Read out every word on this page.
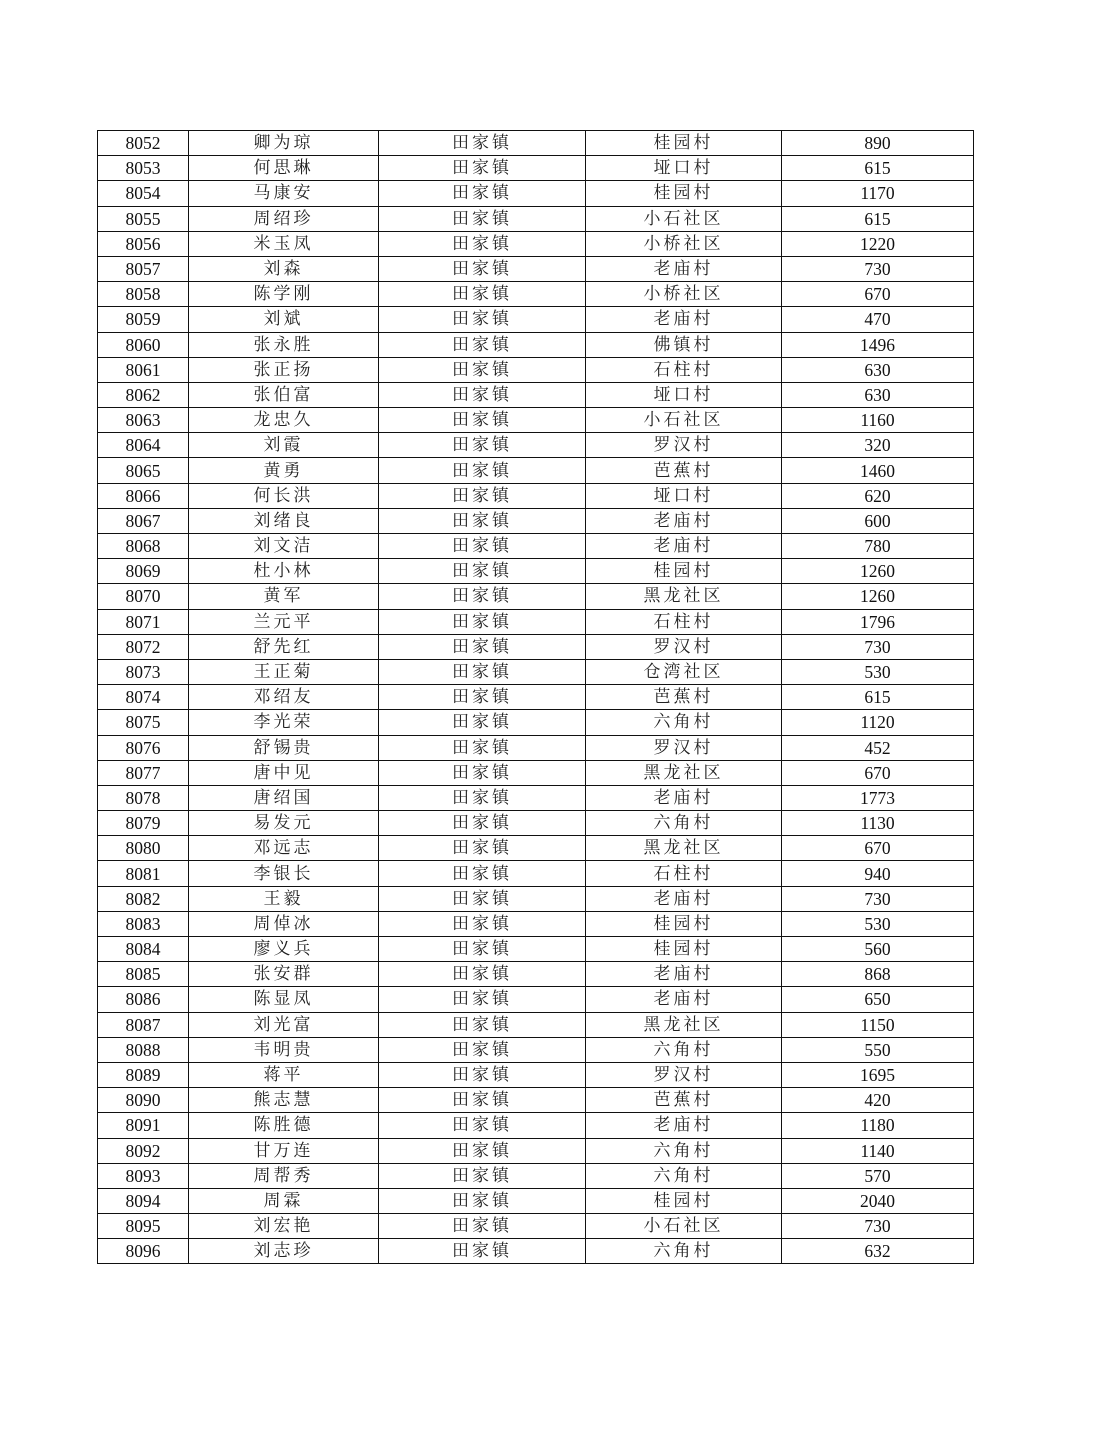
8052	卿为琼	田家镇	桂园村	890
8053	何思琳	田家镇	垭口村	615
8054	马康安	田家镇	桂园村	1170
8055	周绍珍	田家镇	小石社区	615
8056	米玉凤	田家镇	小桥社区	1220
8057	刘森	田家镇	老庙村	730
8058	陈学刚	田家镇	小桥社区	670
8059	刘斌	田家镇	老庙村	470
8060	张永胜	田家镇	佛镇村	1496
8061	张正扬	田家镇	石柱村	630
8062	张伯富	田家镇	垭口村	630
8063	龙忠久	田家镇	小石社区	1160
8064	刘霞	田家镇	罗汉村	320
8065	黄勇	田家镇	芭蕉村	1460
8066	何长洪	田家镇	垭口村	620
8067	刘绪良	田家镇	老庙村	600
8068	刘文洁	田家镇	老庙村	780
8069	杜小林	田家镇	桂园村	1260
8070	黄军	田家镇	黑龙社区	1260
8071	兰元平	田家镇	石柱村	1796
8072	舒先红	田家镇	罗汉村	730
8073	王正菊	田家镇	仓湾社区	530
8074	邓绍友	田家镇	芭蕉村	615
8075	李光荣	田家镇	六角村	1120
8076	舒锡贵	田家镇	罗汉村	452
8077	唐中见	田家镇	黑龙社区	670
8078	唐绍国	田家镇	老庙村	1773
8079	易发元	田家镇	六角村	1130
8080	邓远志	田家镇	黑龙社区	670
8081	李银长	田家镇	石柱村	940
8082	王毅	田家镇	老庙村	730
8083	周倬冰	田家镇	桂园村	530
8084	廖义兵	田家镇	桂园村	560
8085	张安群	田家镇	老庙村	868
8086	陈显凤	田家镇	老庙村	650
8087	刘光富	田家镇	黑龙社区	1150
8088	韦明贵	田家镇	六角村	550
8089	蒋平	田家镇	罗汉村	1695
8090	熊志慧	田家镇	芭蕉村	420
8091	陈胜德	田家镇	老庙村	1180
8092	甘万连	田家镇	六角村	1140
8093	周帮秀	田家镇	六角村	570
8094	周霖	田家镇	桂园村	2040
8095	刘宏艳	田家镇	小石社区	730
8096	刘志珍	田家镇	六角村	632
